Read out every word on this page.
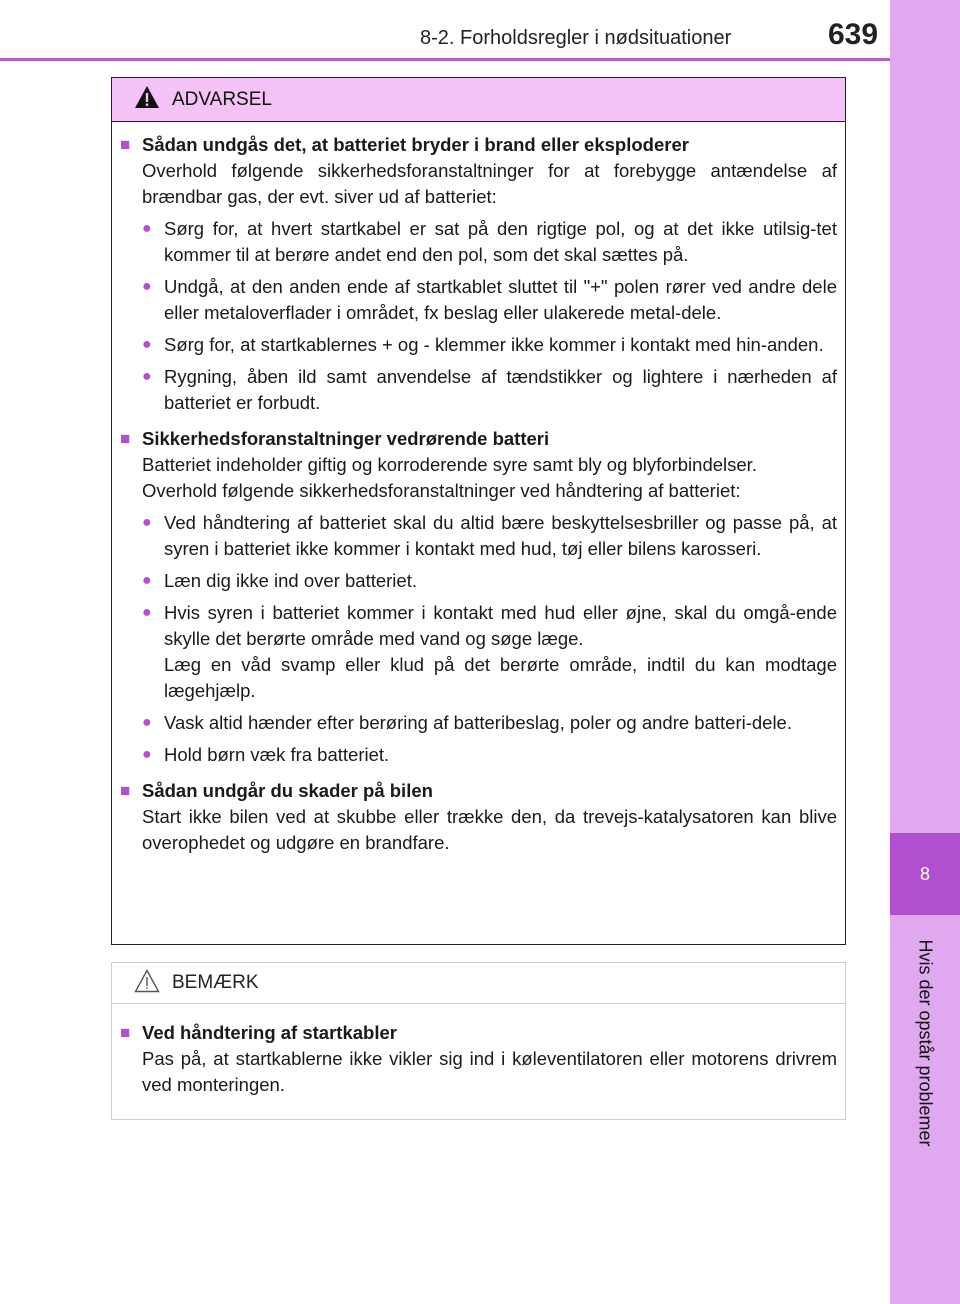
8-2. Forholdsregler i nødsituationer	639
8
Hvis der opstår problemer
ADVARSEL
■ Sådan undgås det, at batteriet bryder i brand eller eksploderer
Overhold følgende sikkerhedsforanstaltninger for at forebygge antændelse af brændbar gas, der evt. siver ud af batteriet:
● Sørg for, at hvert startkabel er sat på den rigtige pol, og at det ikke utilsig-tet kommer til at berøre andet end den pol, som det skal sættes på.
● Undgå, at den anden ende af startkablet sluttet til "+" polen rører ved andre dele eller metaloverflader i området, fx beslag eller ulakerede metal-dele.
● Sørg for, at startkablernes + og - klemmer ikke kommer i kontakt med hin-anden.
● Rygning, åben ild samt anvendelse af tændstikker og lightere i nærheden af batteriet er forbudt.
■ Sikkerhedsforanstaltninger vedrørende batteri
Batteriet indeholder giftig og korroderende syre samt bly og blyforbindelser.
Overhold følgende sikkerhedsforanstaltninger ved håndtering af batteriet:
● Ved håndtering af batteriet skal du altid bære beskyttelsesbriller og passe på, at syren i batteriet ikke kommer i kontakt med hud, tøj eller bilens karosseri.
● Læn dig ikke ind over batteriet.
● Hvis syren i batteriet kommer i kontakt med hud eller øjne, skal du omgå-ende skylle det berørte område med vand og søge læge.
Læg en våd svamp eller klud på det berørte område, indtil du kan modtage lægehjælp.
● Vask altid hænder efter berøring af batteribeslag, poler og andre batteri-dele.
● Hold børn væk fra batteriet.
■ Sådan undgår du skader på bilen
Start ikke bilen ved at skubbe eller trække den, da trevejs-katalysatoren kan blive overophedet og udgøre en brandfare.
BEMÆRK
■ Ved håndtering af startkabler
Pas på, at startkablerne ikke vikler sig ind i køleventilatoren eller motorens drivrem ved monteringen.
